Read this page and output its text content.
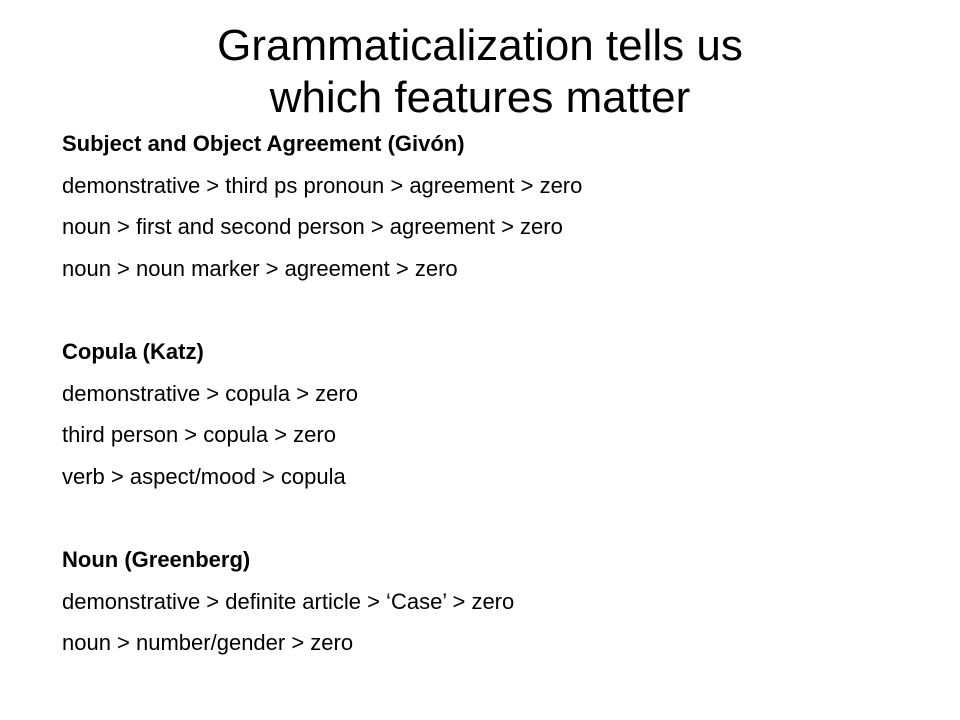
Grammaticalization tells us
which features matter
Subject and Object Agreement (Givón)
demonstrative > third ps pronoun > agreement > zero
noun > first and second person > agreement > zero
noun > noun marker > agreement > zero
Copula (Katz)
demonstrative > copula > zero
third person > copula > zero
verb > aspect/mood > copula
Noun (Greenberg)
demonstrative > definite article > ‘Case’ > zero
noun > number/gender > zero
